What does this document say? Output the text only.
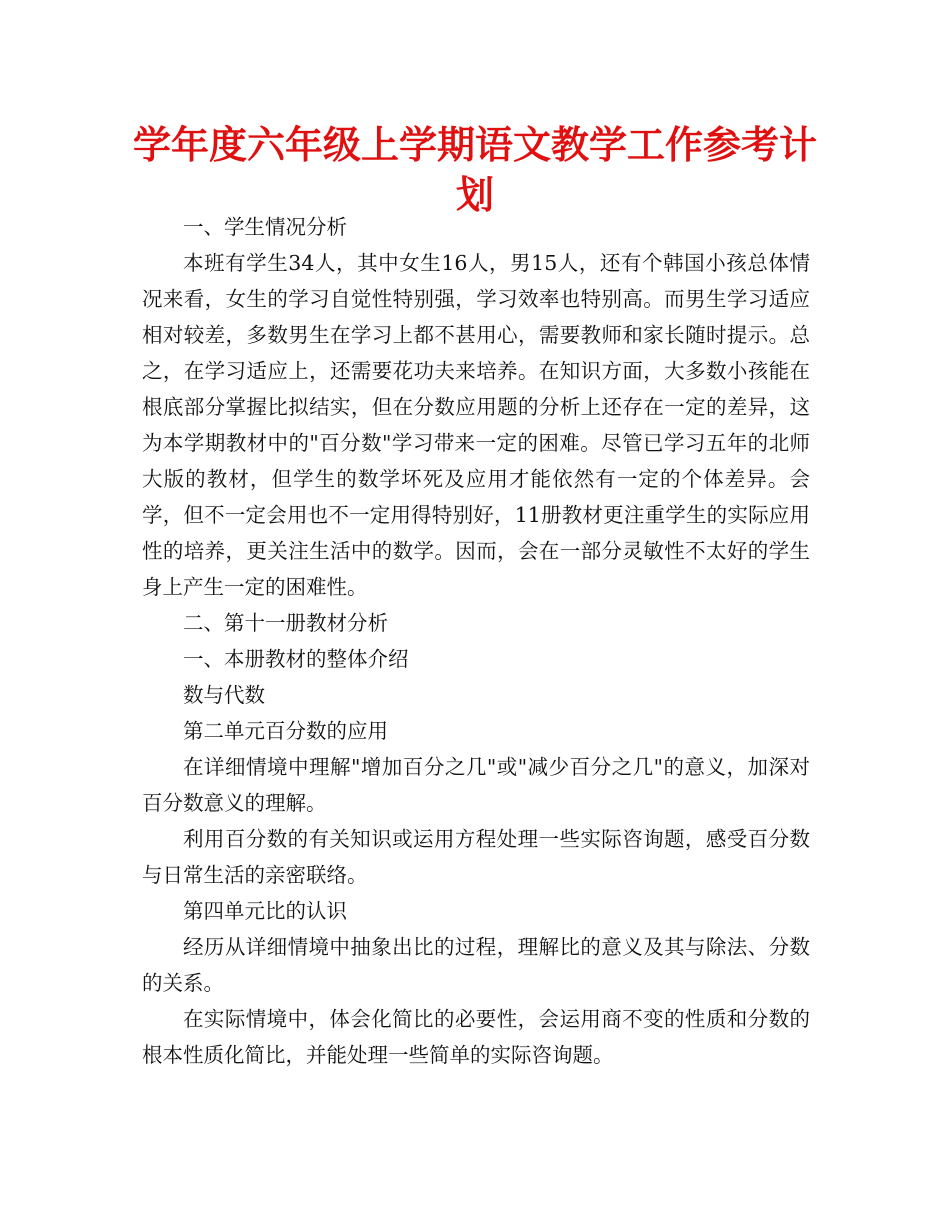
学年度六年级上学期语文教学工作参考计划

一、学生情况分析

本班有学生34人，其中女生16人，男15人，还有个韩国小孩总体情况来看，女生的学习自觉性特别强，学习效率也特别高。而男生学习适应相对较差，多数男生在学习上都不甚用心，需要教师和家长随时提示。总之，在学习适应上，还需要花功夫来培养。在知识方面，大多数小孩能在根底部分掌握比拟结实，但在分数应用题的分析上还存在一定的差异，这为本学期教材中的"百分数"学习带来一定的困难。尽管已学习五年的北师大版的教材，但学生的数学坏死及应用才能依然有一定的个体差异。会学，但不一定会用也不一定用得特别好，11册教材更注重学生的实际应用性的培养，更关注生活中的数学。因而，会在一部分灵敏性不太好的学生身上产生一定的困难性。

二、第十一册教材分析

一、本册教材的整体介绍

数与代数

第二单元百分数的应用

在详细情境中理解"增加百分之几"或"减少百分之几"的意义，加深对百分数意义的理解。

利用百分数的有关知识或运用方程处理一些实际咨询题，感受百分数与日常生活的亲密联络。

第四单元比的认识

经历从详细情境中抽象出比的过程，理解比的意义及其与除法、分数的关系。

在实际情境中，体会化简比的必要性，会运用商不变的性质和分数的根本性质化简比，并能处理一些简单的实际咨询题。
